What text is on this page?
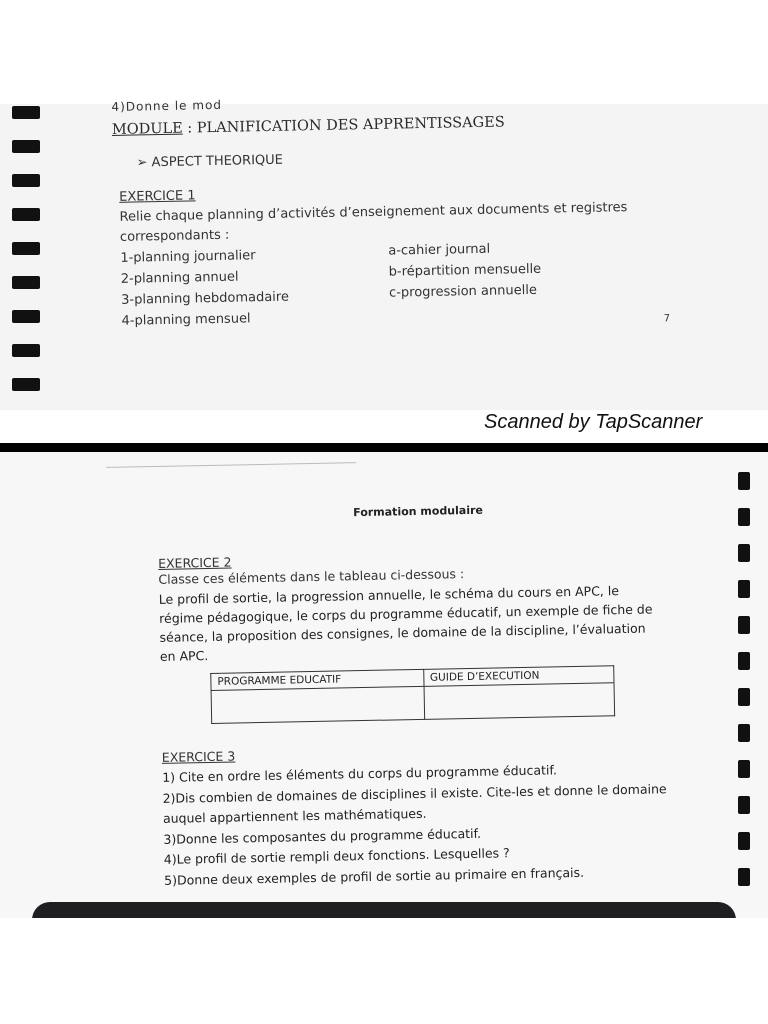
4)Donne le mod
MODULE : PLANIFICATION DES APPRENTISSAGES
➢ ASPECT THEORIQUE
EXERCICE 1
Relie chaque planning d’activités d’enseignement aux documents et registres correspondants :
1-planning journalier
2-planning annuel
3-planning hebdomadaire
4-planning mensuel
a-cahier journal
b-répartition mensuelle
c-progression annuelle
7
Scanned by TapScanner
Formation modulaire
EXERCICE 2
Classe ces éléments dans le tableau ci-dessous :
Le profil de sortie, la progression annuelle, le schéma du cours en APC, le régime pédagogique, le corps du programme éducatif, un exemple de fiche de séance, la proposition des consignes, le domaine de la discipline, l’évaluation en APC.
PROGRAMME EDUCATIF	GUIDE D’EXECUTION

EXERCICE 3
1) Cite en ordre les éléments du corps du programme éducatif.
2)Dis combien de domaines de disciplines il existe. Cite-les et donne le domaine auquel appartiennent les mathématiques.
3)Donne les composantes du programme éducatif.
4)Le profil de sortie rempli deux fonctions. Lesquelles ?
5)Donne deux exemples de profil de sortie au primaire en français.
